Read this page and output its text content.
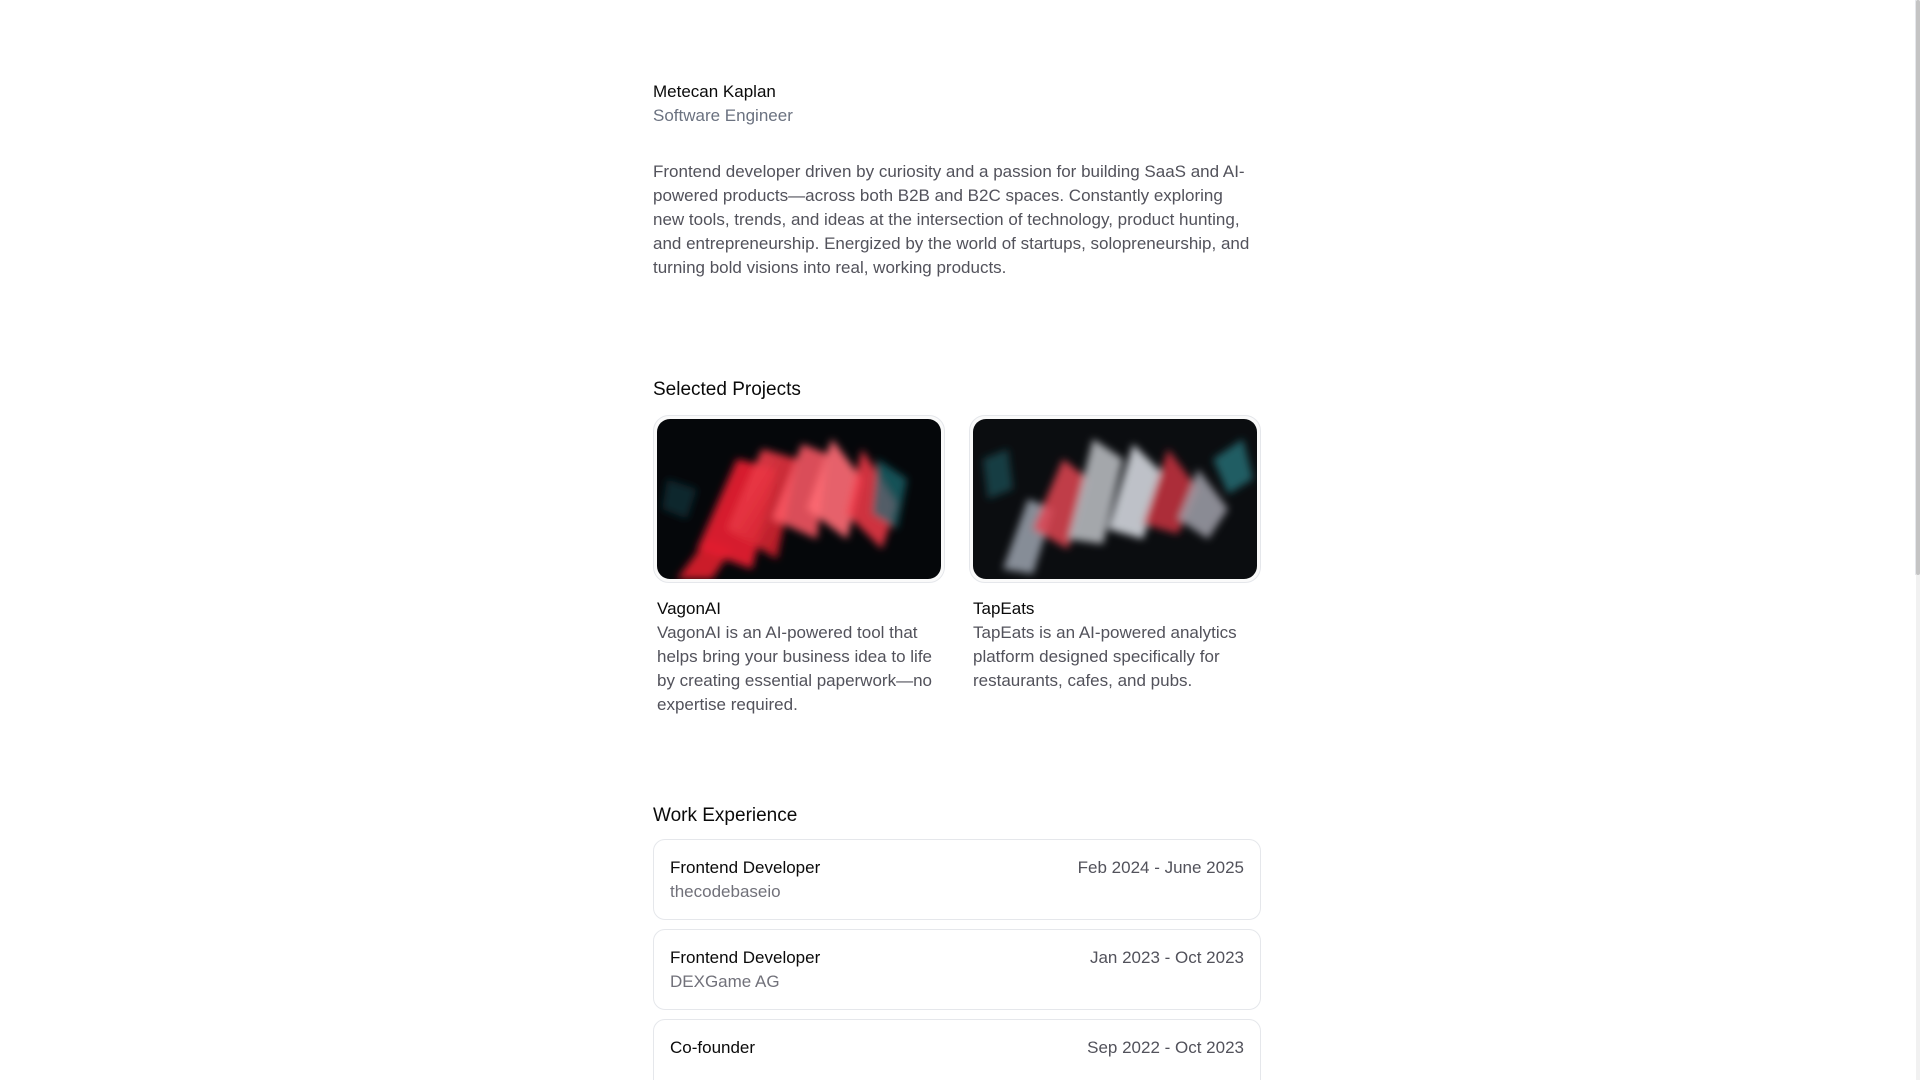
Metecan Kaplan

Software Engineer

Frontend developer driven by curiosity and a passion for building SaaS and AI-powered products—across both B2B and B2C spaces. Constantly exploring new tools, trends, and ideas at the intersection of technology, product hunting, and entrepreneurship. Energized by the world of startups, solopreneurship, and turning bold visions into real, working products.

Selected Projects
VagonAI
VagonAI is an AI-powered tool that helps bring your business idea to life by creating essential paperwork—no expertise required.
TapEats
TapEats is an AI-powered analytics platform designed specifically for restaurants, cafes, and pubs.
Work Experience
Frontend Developer
thecodebaseio
Feb 2024 - June 2025
Frontend Developer
DEXGame AG
Jan 2023 - Oct 2023
Co-founder	Sep 2022 - Oct 2023
